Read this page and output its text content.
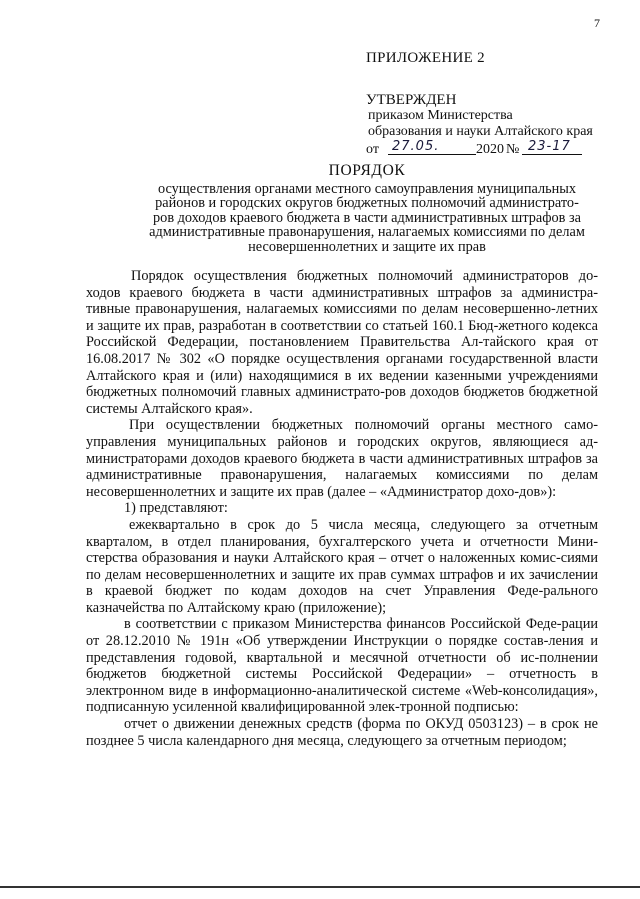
7
ПРИЛОЖЕНИЕ 2
УТВЕРЖДЕН
приказом Министерства
образования и науки Алтайского края
от 27.05.	2020 № 23-17
ПОРЯДОК
осуществления органами местного самоуправления муниципальных
районов и городских округов бюджетных полномочий администрато-
ров доходов краевого бюджета в части административных штрафов за
административные правонарушения, налагаемых комиссиями по делам
несовершеннолетних и защите их прав

Порядок осуществления бюджетных полномочий администраторов до-ходов краевого бюджета в части административных штрафов за администра-тивные правонарушения, налагаемых комиссиями по делам несовершенно-летних и защите их прав, разработан в соответствии со статьей 160.1 Бюд-жетного кодекса Российской Федерации, постановлением Правительства Ал-тайского края от 16.08.2017 № 302 «О порядке осуществления органами государственной власти Алтайского края и (или) находящимися в их ведении казенными учреждениями бюджетных полномочий главных администрато-ров доходов бюджетов бюджетной системы Алтайского края».

При осуществлении бюджетных полномочий органы местного само-управления муниципальных районов и городских округов, являющиеся ад-министраторами доходов краевого бюджета в части административных штрафов за административные правонарушения, налагаемых комиссиями по делам несовершеннолетних и защите их прав (далее – «Администратор дохо-дов»):

1) представляют:

ежеквартально в срок до 5 числа месяца, следующего за отчетным кварталом, в отдел планирования, бухгалтерского учета и отчетности Мини-стерства образования и науки Алтайского края – отчет о наложенных комис-сиями по делам несовершеннолетних и защите их прав суммах штрафов и их зачислении в краевой бюджет по кодам доходов на счет Управления Феде-рального казначейства по Алтайскому краю (приложение);

в соответствии с приказом Министерства финансов Российской Феде-рации от 28.12.2010 № 191н «Об утверждении Инструкции о порядке состав-ления и представления годовой, квартальной и месячной отчетности об ис-полнении бюджетов бюджетной системы Российской Федерации» – отчетность в электронном виде в информационно-аналитической системе «Web-консолидация», подписанную усиленной квалифицированной элек-тронной подписью:

отчет о движении денежных средств (форма по ОКУД 0503123) – в срок не позднее 5 числа календарного дня месяца, следующего за отчетным периодом;
